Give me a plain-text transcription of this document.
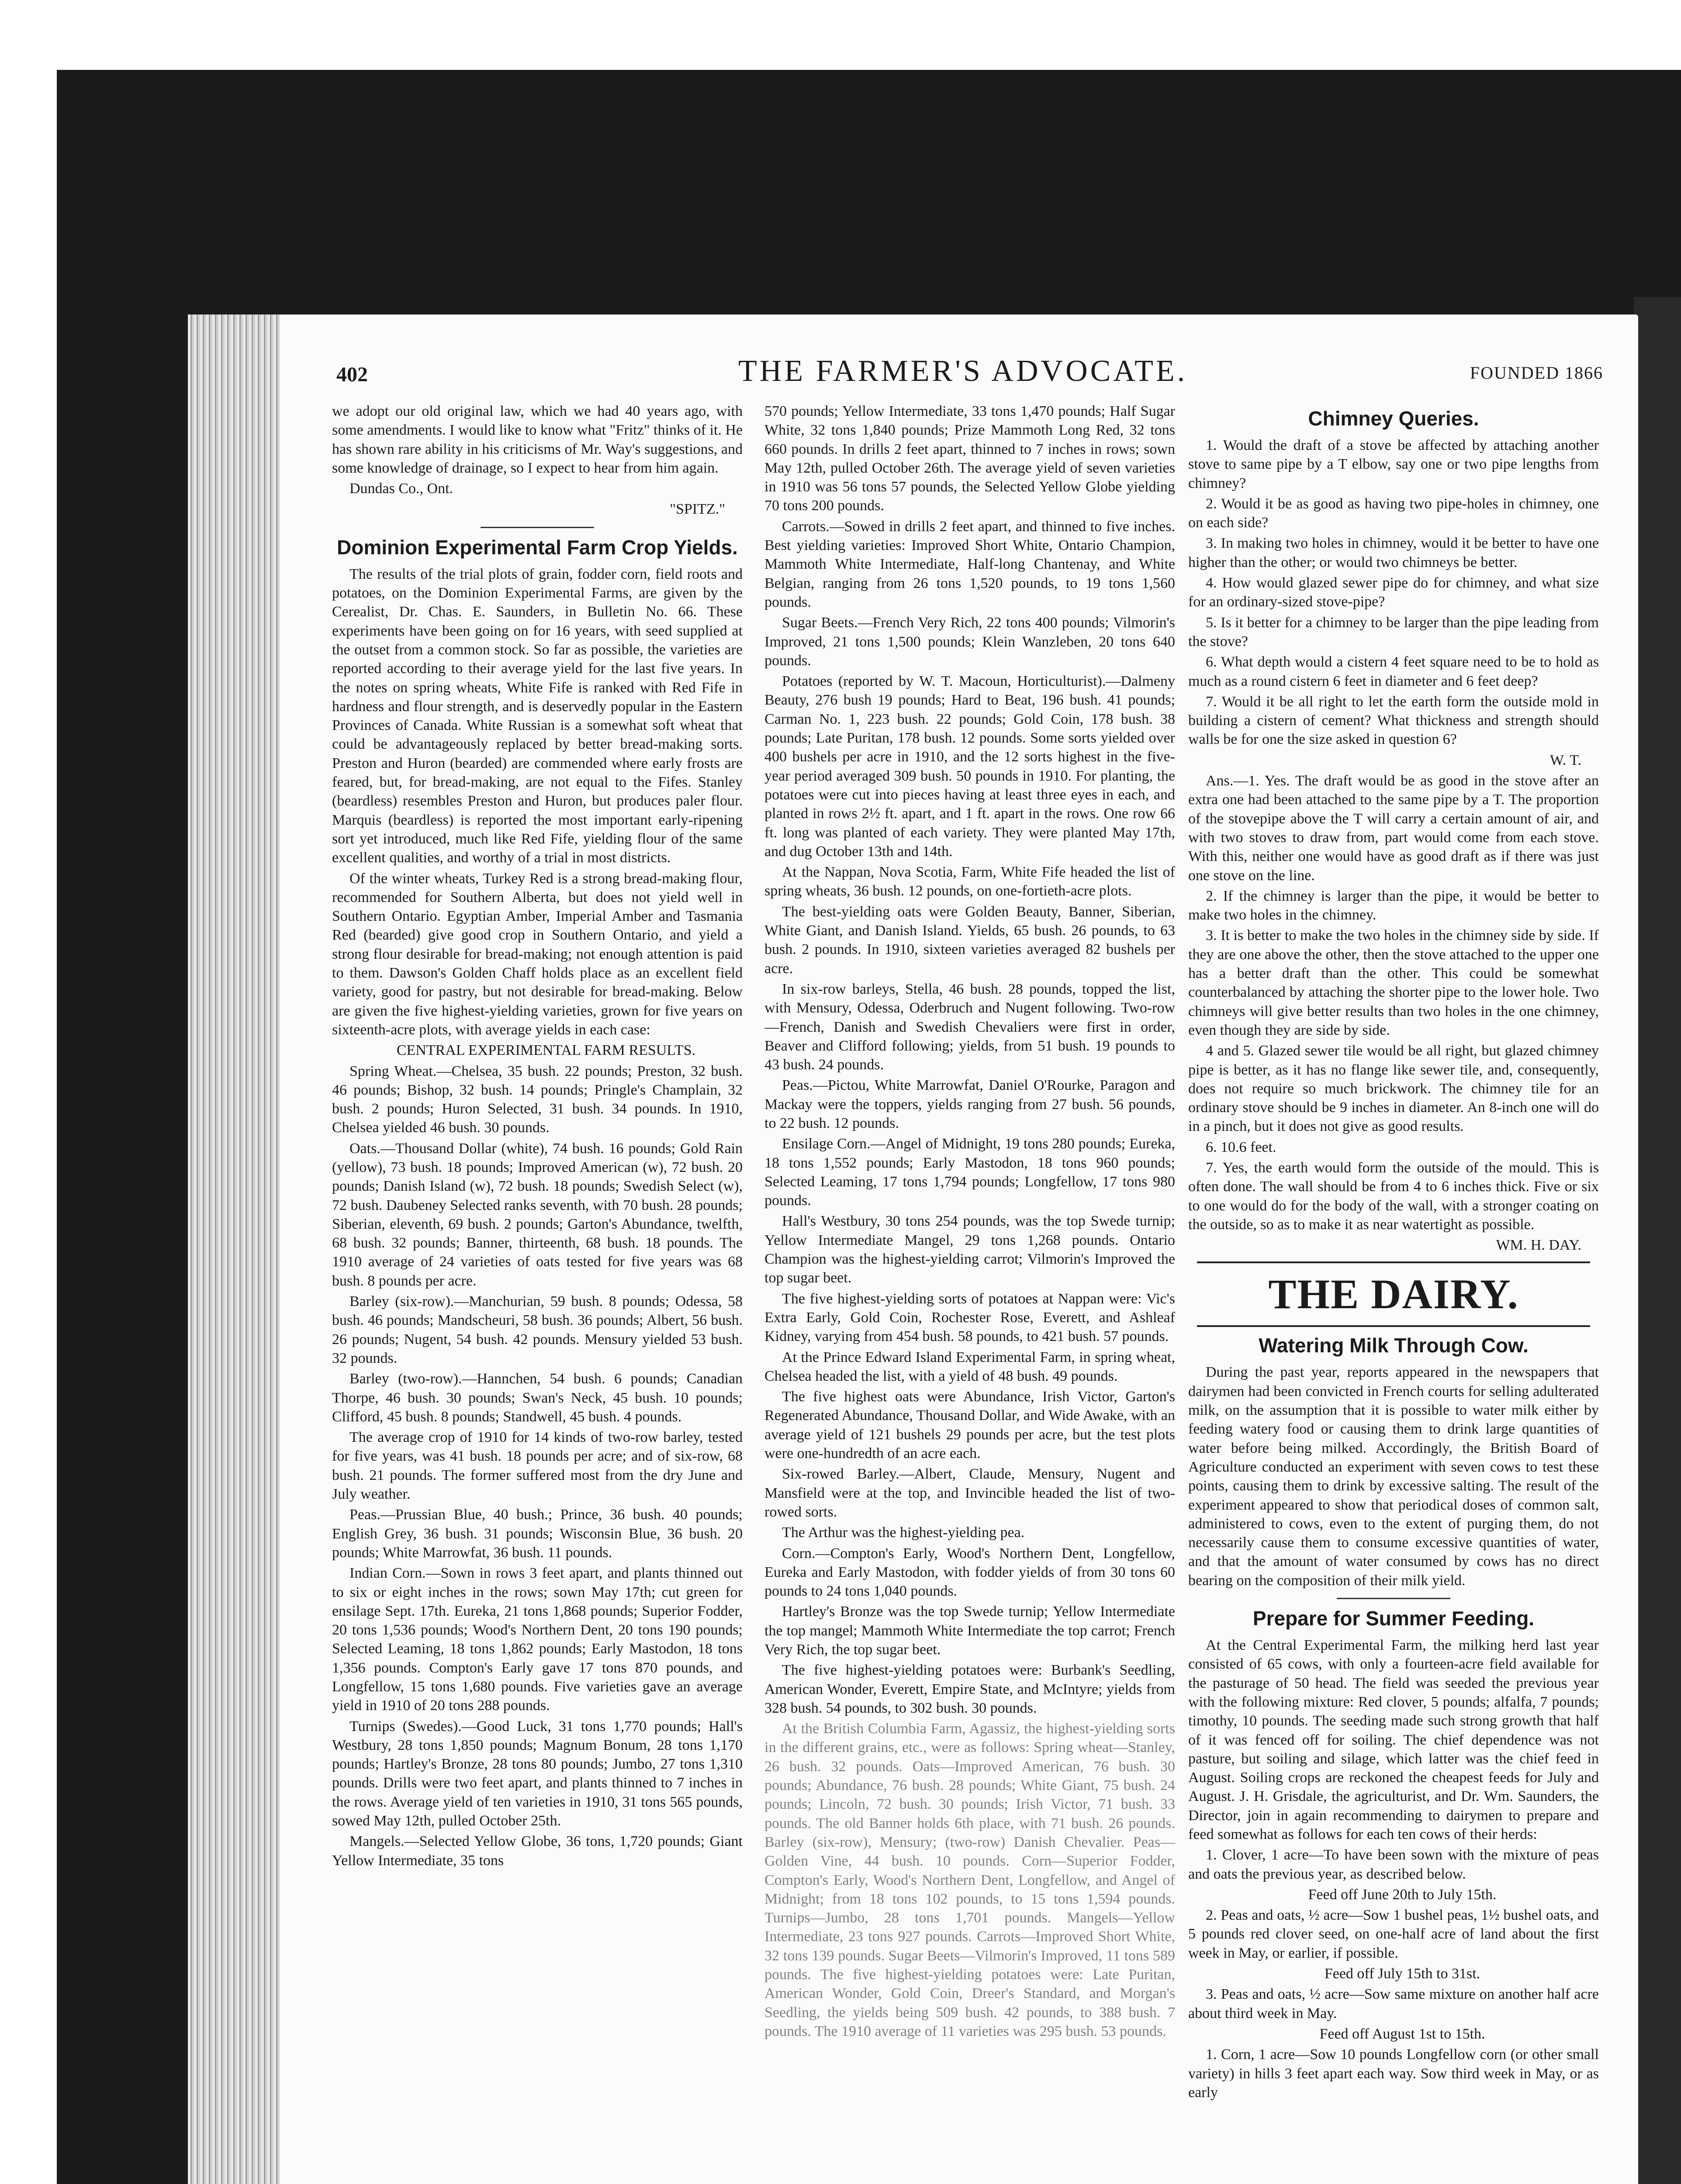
402	THE FARMER'S ADVOCATE.	FOUNDED 1866

we adopt our old original law, which we had 40 years ago, with some amendments. I would like to know what "Fritz" thinks of it. He has shown rare ability in his criticisms of Mr. Way's suggestions, and some knowledge of drainage, so I expect to hear from him again.

Dundas Co., Ont.

"SPITZ."

Dominion Experimental Farm Crop Yields.

The results of the trial plots of grain, fodder corn, field roots and potatoes, on the Dominion Experimental Farms, are given by the Cerealist, Dr. Chas. E. Saunders, in Bulletin No. 66. These experiments have been going on for 16 years, with seed supplied at the outset from a common stock. So far as possible, the varieties are reported according to their average yield for the last five years. In the notes on spring wheats, White Fife is ranked with Red Fife in hardness and flour strength, and is deservedly popular in the Eastern Provinces of Canada. White Russian is a somewhat soft wheat that could be advantageously replaced by better bread-making sorts. Preston and Huron (bearded) are commended where early frosts are feared, but, for bread-making, are not equal to the Fifes. Stanley (beardless) resembles Preston and Huron, but produces paler flour. Marquis (beardless) is reported the most important early-ripening sort yet introduced, much like Red Fife, yielding flour of the same excellent qualities, and worthy of a trial in most districts.

Of the winter wheats, Turkey Red is a strong bread-making flour, recommended for Southern Alberta, but does not yield well in Southern Ontario. Egyptian Amber, Imperial Amber and Tasmania Red (bearded) give good crop in Southern Ontario, and yield a strong flour desirable for bread-making; not enough attention is paid to them. Dawson's Golden Chaff holds place as an excellent field variety, good for pastry, but not desirable for bread-making. Below are given the five highest-yielding varieties, grown for five years on sixteenth-acre plots, with average yields in each case:

CENTRAL EXPERIMENTAL FARM RESULTS.

Spring Wheat.—Chelsea, 35 bush. 22 pounds; Preston, 32 bush. 46 pounds; Bishop, 32 bush. 14 pounds; Pringle's Champlain, 32 bush. 2 pounds; Huron Selected, 31 bush. 34 pounds. In 1910, Chelsea yielded 46 bush. 30 pounds.

Oats.—Thousand Dollar (white), 74 bush. 16 pounds; Gold Rain (yellow), 73 bush. 18 pounds; Improved American (w), 72 bush. 20 pounds; Danish Island (w), 72 bush. 18 pounds; Swedish Select (w), 72 bush. Daubeney Selected ranks seventh, with 70 bush. 28 pounds; Siberian, eleventh, 69 bush. 2 pounds; Garton's Abundance, twelfth, 68 bush. 32 pounds; Banner, thirteenth, 68 bush. 18 pounds. The 1910 average of 24 varieties of oats tested for five years was 68 bush. 8 pounds per acre.

Barley (six-row).—Manchurian, 59 bush. 8 pounds; Odessa, 58 bush. 46 pounds; Mandscheuri, 58 bush. 36 pounds; Albert, 56 bush. 26 pounds; Nugent, 54 bush. 42 pounds. Mensury yielded 53 bush. 32 pounds.

Barley (two-row).—Hannchen, 54 bush. 6 pounds; Canadian Thorpe, 46 bush. 30 pounds; Swan's Neck, 45 bush. 10 pounds; Clifford, 45 bush. 8 pounds; Standwell, 45 bush. 4 pounds.

The average crop of 1910 for 14 kinds of two-row barley, tested for five years, was 41 bush. 18 pounds per acre; and of six-row, 68 bush. 21 pounds. The former suffered most from the dry June and July weather.

Peas.—Prussian Blue, 40 bush.; Prince, 36 bush. 40 pounds; English Grey, 36 bush. 31 pounds; Wisconsin Blue, 36 bush. 20 pounds; White Marrowfat, 36 bush. 11 pounds.

Indian Corn.—Sown in rows 3 feet apart, and plants thinned out to six or eight inches in the rows; sown May 17th; cut green for ensilage Sept. 17th. Eureka, 21 tons 1,868 pounds; Superior Fodder, 20 tons 1,536 pounds; Wood's Northern Dent, 20 tons 190 pounds; Selected Leaming, 18 tons 1,862 pounds; Early Mastodon, 18 tons 1,356 pounds. Compton's Early gave 17 tons 870 pounds, and Longfellow, 15 tons 1,680 pounds. Five varieties gave an average yield in 1910 of 20 tons 288 pounds.

Turnips (Swedes).—Good Luck, 31 tons 1,770 pounds; Hall's Westbury, 28 tons 1,850 pounds; Magnum Bonum, 28 tons 1,170 pounds; Hartley's Bronze, 28 tons 80 pounds; Jumbo, 27 tons 1,310 pounds. Drills were two feet apart, and plants thinned to 7 inches in the rows. Average yield of ten varieties in 1910, 31 tons 565 pounds, sowed May 12th, pulled October 25th.

Mangels.—Selected Yellow Globe, 36 tons, 1,720 pounds; Giant Yellow Intermediate, 35 tons

570 pounds; Yellow Intermediate, 33 tons 1,470 pounds; Half Sugar White, 32 tons 1,840 pounds; Prize Mammoth Long Red, 32 tons 660 pounds. In drills 2 feet apart, thinned to 7 inches in rows; sown May 12th, pulled October 26th. The average yield of seven varieties in 1910 was 56 tons 57 pounds, the Selected Yellow Globe yielding 70 tons 200 pounds.

Carrots.—Sowed in drills 2 feet apart, and thinned to five inches. Best yielding varieties: Improved Short White, Ontario Champion, Mammoth White Intermediate, Half-long Chantenay, and White Belgian, ranging from 26 tons 1,520 pounds, to 19 tons 1,560 pounds.

Sugar Beets.—French Very Rich, 22 tons 400 pounds; Vilmorin's Improved, 21 tons 1,500 pounds; Klein Wanzleben, 20 tons 640 pounds.

Potatoes (reported by W. T. Macoun, Horticulturist).—Dalmeny Beauty, 276 bush 19 pounds; Hard to Beat, 196 bush. 41 pounds; Carman No. 1, 223 bush. 22 pounds; Gold Coin, 178 bush. 38 pounds; Late Puritan, 178 bush. 12 pounds. Some sorts yielded over 400 bushels per acre in 1910, and the 12 sorts highest in the five-year period averaged 309 bush. 50 pounds in 1910. For planting, the potatoes were cut into pieces having at least three eyes in each, and planted in rows 2½ ft. apart, and 1 ft. apart in the rows. One row 66 ft. long was planted of each variety. They were planted May 17th, and dug October 13th and 14th.

At the Nappan, Nova Scotia, Farm, White Fife headed the list of spring wheats, 36 bush. 12 pounds, on one-fortieth-acre plots.

The best-yielding oats were Golden Beauty, Banner, Siberian, White Giant, and Danish Island. Yields, 65 bush. 26 pounds, to 63 bush. 2 pounds. In 1910, sixteen varieties averaged 82 bushels per acre.

In six-row barleys, Stella, 46 bush. 28 pounds, topped the list, with Mensury, Odessa, Oderbruch and Nugent following. Two-row—French, Danish and Swedish Chevaliers were first in order, Beaver and Clifford following; yields, from 51 bush. 19 pounds to 43 bush. 24 pounds.

Peas.—Pictou, White Marrowfat, Daniel O'Rourke, Paragon and Mackay were the toppers, yields ranging from 27 bush. 56 pounds, to 22 bush. 12 pounds.

Ensilage Corn.—Angel of Midnight, 19 tons 280 pounds; Eureka, 18 tons 1,552 pounds; Early Mastodon, 18 tons 960 pounds; Selected Leaming, 17 tons 1,794 pounds; Longfellow, 17 tons 980 pounds.

Hall's Westbury, 30 tons 254 pounds, was the top Swede turnip; Yellow Intermediate Mangel, 29 tons 1,268 pounds. Ontario Champion was the highest-yielding carrot; Vilmorin's Improved the top sugar beet.

The five highest-yielding sorts of potatoes at Nappan were: Vic's Extra Early, Gold Coin, Rochester Rose, Everett, and Ashleaf Kidney, varying from 454 bush. 58 pounds, to 421 bush. 57 pounds.

At the Prince Edward Island Experimental Farm, in spring wheat, Chelsea headed the list, with a yield of 48 bush. 49 pounds.

The five highest oats were Abundance, Irish Victor, Garton's Regenerated Abundance, Thousand Dollar, and Wide Awake, with an average yield of 121 bushels 29 pounds per acre, but the test plots were one-hundredth of an acre each.

Six-rowed Barley.—Albert, Claude, Mensury, Nugent and Mansfield were at the top, and Invincible headed the list of two-rowed sorts.

The Arthur was the highest-yielding pea.

Corn.—Compton's Early, Wood's Northern Dent, Longfellow, Eureka and Early Mastodon, with fodder yields of from 30 tons 60 pounds to 24 tons 1,040 pounds.

Hartley's Bronze was the top Swede turnip; Yellow Intermediate the top mangel; Mammoth White Intermediate the top carrot; French Very Rich, the top sugar beet.

The five highest-yielding potatoes were: Burbank's Seedling, American Wonder, Everett, Empire State, and McIntyre; yields from 328 bush. 54 pounds, to 302 bush. 30 pounds.

At the British Columbia Farm, Agassiz, the highest-yielding sorts in the different grains, etc., were as follows: Spring wheat—Stanley, 26 bush. 32 pounds. Oats—Improved American, 76 bush. 30 pounds; Abundance, 76 bush. 28 pounds; White Giant, 75 bush. 24 pounds; Lincoln, 72 bush. 30 pounds; Irish Victor, 71 bush. 33 pounds. The old Banner holds 6th place, with 71 bush. 26 pounds. Barley (six-row), Mensury; (two-row) Danish Chevalier. Peas—Golden Vine, 44 bush. 10 pounds. Corn—Superior Fodder, Compton's Early, Wood's Northern Dent, Longfellow, and Angel of Midnight; from 18 tons 102 pounds, to 15 tons 1,594 pounds. Turnips—Jumbo, 28 tons 1,701 pounds. Mangels—Yellow Intermediate, 23 tons 927 pounds. Carrots—Improved Short White, 32 tons 139 pounds. Sugar Beets—Vilmorin's Improved, 11 tons 589 pounds. The five highest-yielding potatoes were: Late Puritan, American Wonder, Gold Coin, Dreer's Standard, and Morgan's Seedling, the yields being 509 bush. 42 pounds, to 388 bush. 7 pounds. The 1910 average of 11 varieties was 295 bush. 53 pounds.

Chimney Queries.

1. Would the draft of a stove be affected by attaching another stove to same pipe by a T elbow, say one or two pipe lengths from chimney?

2. Would it be as good as having two pipe-holes in chimney, one on each side?

3. In making two holes in chimney, would it be better to have one higher than the other; or would two chimneys be better.

4. How would glazed sewer pipe do for chimney, and what size for an ordinary-sized stove-pipe?

5. Is it better for a chimney to be larger than the pipe leading from the stove?

6. What depth would a cistern 4 feet square need to be to hold as much as a round cistern 6 feet in diameter and 6 feet deep?

7. Would it be all right to let the earth form the outside mold in building a cistern of cement? What thickness and strength should walls be for one the size asked in question 6?

W. T.

Ans.—1. Yes. The draft would be as good in the stove after an extra one had been attached to the same pipe by a T. The proportion of the stovepipe above the T will carry a certain amount of air, and with two stoves to draw from, part would come from each stove. With this, neither one would have as good draft as if there was just one stove on the line.

2. If the chimney is larger than the pipe, it would be better to make two holes in the chimney.

3. It is better to make the two holes in the chimney side by side. If they are one above the other, then the stove attached to the upper one has a better draft than the other. This could be somewhat counterbalanced by attaching the shorter pipe to the lower hole. Two chimneys will give better results than two holes in the one chimney, even though they are side by side.

4 and 5. Glazed sewer tile would be all right, but glazed chimney pipe is better, as it has no flange like sewer tile, and, consequently, does not require so much brickwork. The chimney tile for an ordinary stove should be 9 inches in diameter. An 8-inch one will do in a pinch, but it does not give as good results.

6. 10.6 feet.

7. Yes, the earth would form the outside of the mould. This is often done. The wall should be from 4 to 6 inches thick. Five or six to one would do for the body of the wall, with a stronger coating on the outside, so as to make it as near watertight as possible.

WM. H. DAY.

THE DAIRY.
Watering Milk Through Cow.

During the past year, reports appeared in the newspapers that dairymen had been convicted in French courts for selling adulterated milk, on the assumption that it is possible to water milk either by feeding watery food or causing them to drink large quantities of water before being milked. Accordingly, the British Board of Agriculture conducted an experiment with seven cows to test these points, causing them to drink by excessive salting. The result of the experiment appeared to show that periodical doses of common salt, administered to cows, even to the extent of purging them, do not necessarily cause them to consume excessive quantities of water, and that the amount of water consumed by cows has no direct bearing on the composition of their milk yield.

Prepare for Summer Feeding.

At the Central Experimental Farm, the milking herd last year consisted of 65 cows, with only a fourteen-acre field available for the pasturage of 50 head. The field was seeded the previous year with the following mixture: Red clover, 5 pounds; alfalfa, 7 pounds; timothy, 10 pounds. The seeding made such strong growth that half of it was fenced off for soiling. The chief dependence was not pasture, but soiling and silage, which latter was the chief feed in August. Soiling crops are reckoned the cheapest feeds for July and August. J. H. Grisdale, the agriculturist, and Dr. Wm. Saunders, the Director, join in again recommending to dairymen to prepare and feed somewhat as follows for each ten cows of their herds:

1. Clover, 1 acre—To have been sown with the mixture of peas and oats the previous year, as described below.

Feed off June 20th to July 15th.

2. Peas and oats, ½ acre—Sow 1 bushel peas, 1½ bushel oats, and 5 pounds red clover seed, on one-half acre of land about the first week in May, or earlier, if possible.

Feed off July 15th to 31st.

3. Peas and oats, ½ acre—Sow same mixture on another half acre about third week in May.

Feed off August 1st to 15th.

1. Corn, 1 acre—Sow 10 pounds Longfellow corn (or other small variety) in hills 3 feet apart each way. Sow third week in May, or as early
